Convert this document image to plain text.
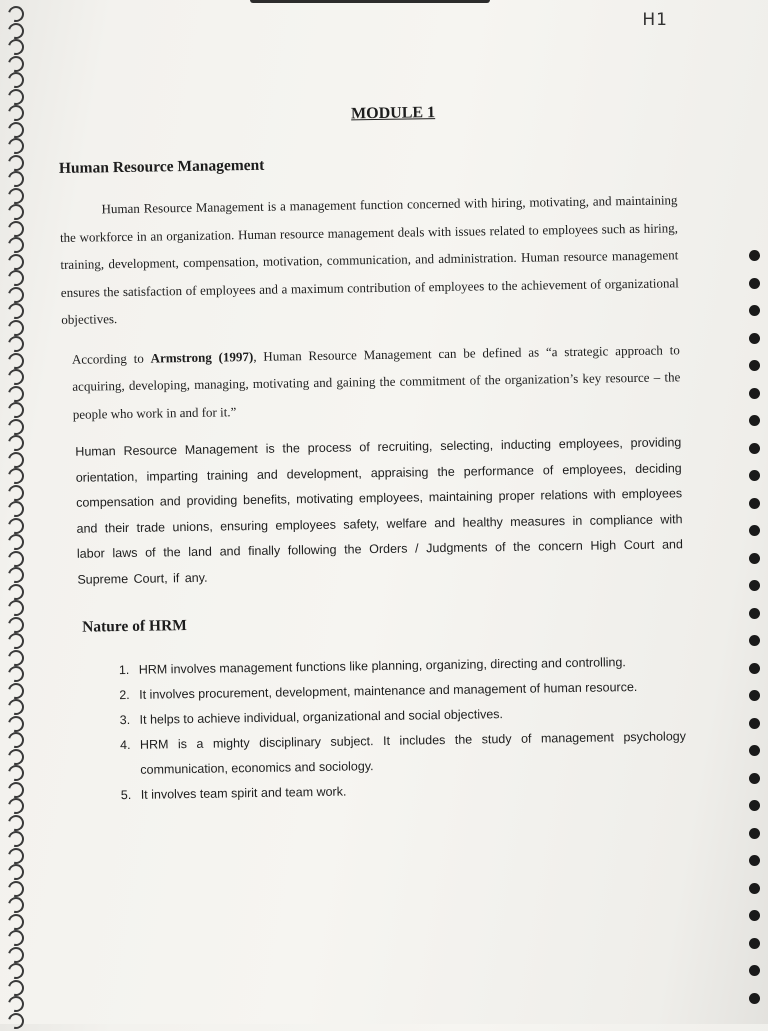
H1
MODULE 1
Human Resource Management

Human Resource Management is a management function concerned with hiring, motivating, and maintaining the workforce in an organization. Human resource management deals with issues related to employees such as hiring, training, development, compensation, motivation, communication, and administration. Human resource management ensures the satisfaction of employees and a maximum contribution of employees to the achievement of organizational objectives.

According to Armstrong (1997), Human Resource Management can be defined as “a strategic approach to acquiring, developing, managing, motivating and gaining the commitment of the organization’s key resource – the people who work in and for it.”

Human Resource Management is the process of recruiting, selecting, inducting employees, providing orientation, imparting training and development, appraising the performance of employees, deciding compensation and providing benefits, motivating employees, maintaining proper relations with employees and their trade unions, ensuring employees safety, welfare and healthy measures in compliance with labor laws of the land and finally following the Orders / Judgments of the concern High Court and Supreme Court, if any.

Nature of HRM
1. HRM involves management functions like planning, organizing, directing and controlling.
2. It involves procurement, development, maintenance and management of human resource.
3. It helps to achieve individual, organizational and social objectives.
4. HRM is a mighty disciplinary subject. It includes the study of management psychology communication, economics and sociology.
5. It involves team spirit and team work.
